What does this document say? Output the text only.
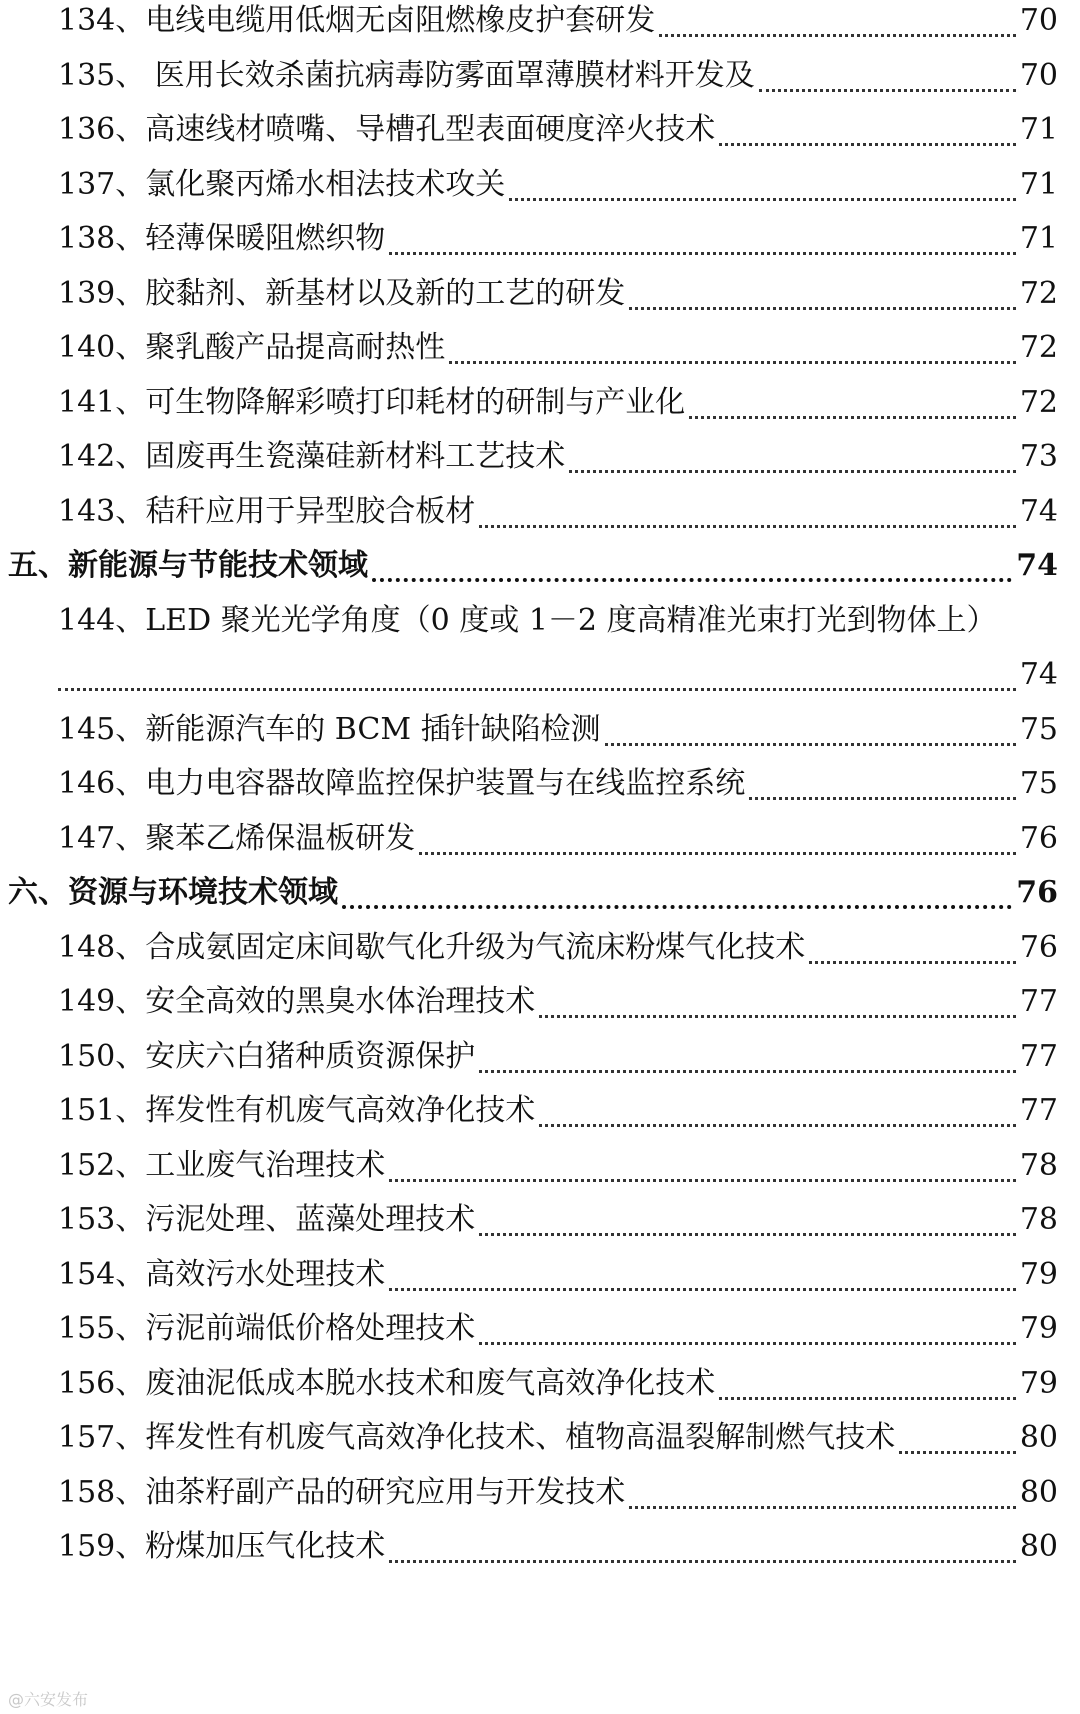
134、电线电缆用低烟无卤阻燃橡皮护套研发	70
135、 医用长效杀菌抗病毒防雾面罩薄膜材料开发及	70
136、高速线材喷嘴、导槽孔型表面硬度淬火技术	71
137、氯化聚丙烯水相法技术攻关	71
138、轻薄保暖阻燃织物	71
139、胶黏剂、新基材以及新的工艺的研发	72
140、聚乳酸产品提高耐热性	72
141、可生物降解彩喷打印耗材的研制与产业化	72
142、固废再生瓷藻硅新材料工艺技术	73
143、秸秆应用于异型胶合板材	74
五、新能源与节能技术领域	74
144、LED 聚光光学角度（0 度或 1－2 度高精准光束打光到物体上）
74
145、新能源汽车的 BCM 插针缺陷检测	75
146、电力电容器故障监控保护装置与在线监控系统	75
147、聚苯乙烯保温板研发	76
六、资源与环境技术领域	76
148、合成氨固定床间歇气化升级为气流床粉煤气化技术	76
149、安全高效的黑臭水体治理技术	77
150、安庆六白猪种质资源保护	77
151、挥发性有机废气高效净化技术	77
152、工业废气治理技术	78
153、污泥处理、蓝藻处理技术	78
154、高效污水处理技术	79
155、污泥前端低价格处理技术	79
156、废油泥低成本脱水技术和废气高效净化技术	79
157、挥发性有机废气高效净化技术、植物高温裂解制燃气技术	80
158、油茶籽副产品的研究应用与开发技术	80
159、粉煤加压气化技术	80
@六安发布
